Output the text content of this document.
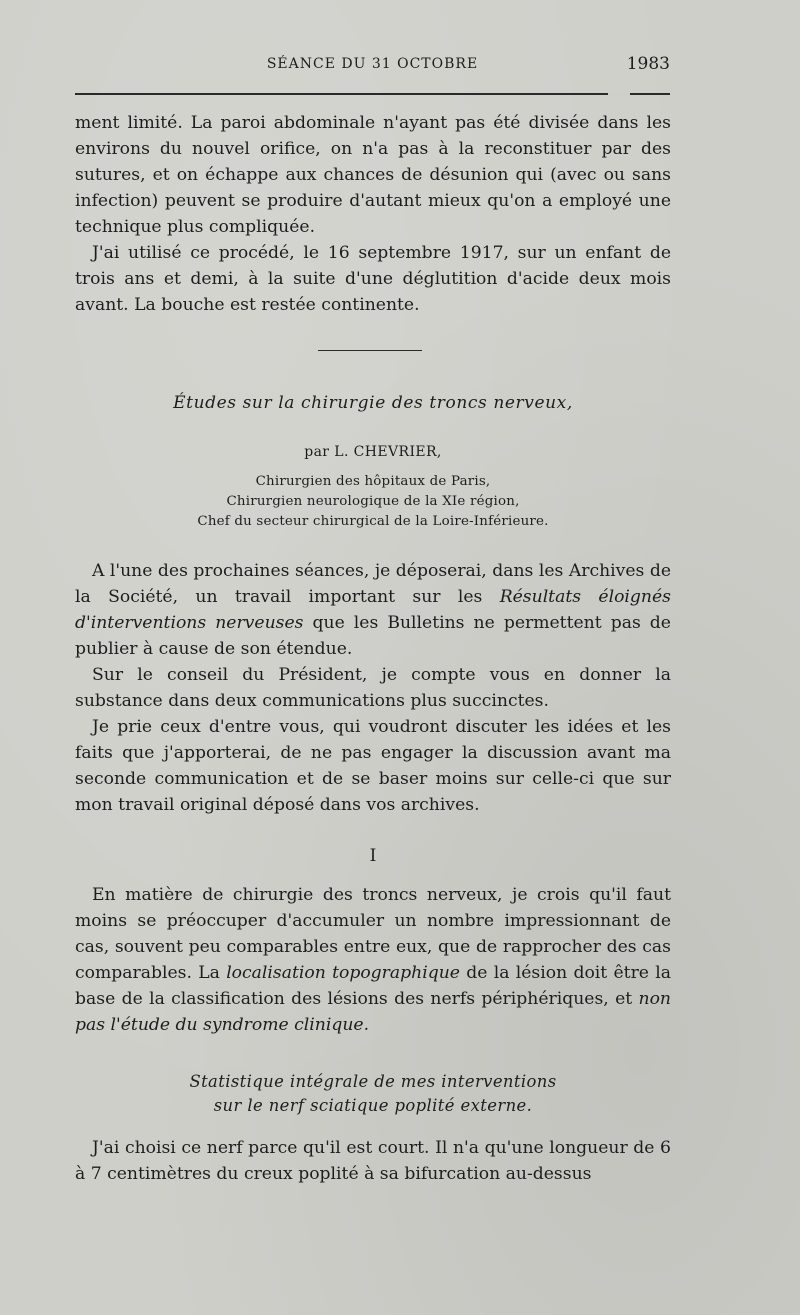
SÉANCE DU 31 OCTOBRE	1983

ment limité. La paroi abdominale n'ayant pas été divisée dans les environs du nouvel orifice, on n'a pas à la reconstituer par des sutures, et on échappe aux chances de désunion qui (avec ou sans infection) peuvent se produire d'autant mieux qu'on a employé une technique plus compliquée.

J'ai utilisé ce procédé, le 16 septembre 1917, sur un enfant de trois ans et demi, à la suite d'une déglutition d'acide deux mois avant. La bouche est restée continente.

Études sur la chirurgie des troncs nerveux,
par L. CHEVRIER,
Chirurgien des hôpitaux de Paris,
Chirurgien neurologique de la XIe région,
Chef du secteur chirurgical de la Loire-Inférieure.

A l'une des prochaines séances, je déposerai, dans les Archives de la Société, un travail important sur les Résultats éloignés d'interventions nerveuses que les Bulletins ne permettent pas de publier à cause de son étendue.

Sur le conseil du Président, je compte vous en donner la substance dans deux communications plus succinctes.

Je prie ceux d'entre vous, qui voudront discuter les idées et les faits que j'apporterai, de ne pas engager la discussion avant ma seconde communication et de se baser moins sur celle-ci que sur mon travail original déposé dans vos archives.

I

En matière de chirurgie des troncs nerveux, je crois qu'il faut moins se préoccuper d'accumuler un nombre impressionnant de cas, souvent peu comparables entre eux, que de rapprocher des cas comparables. La localisation topographique de la lésion doit être la base de la classification des lésions des nerfs périphériques, et non pas l'étude du syndrome clinique.

Statistique intégrale de mes interventions
sur le nerf sciatique poplité externe.

J'ai choisi ce nerf parce qu'il est court. Il n'a qu'une longueur de 6 à 7 centimètres du creux poplité à sa bifurcation au-dessus
